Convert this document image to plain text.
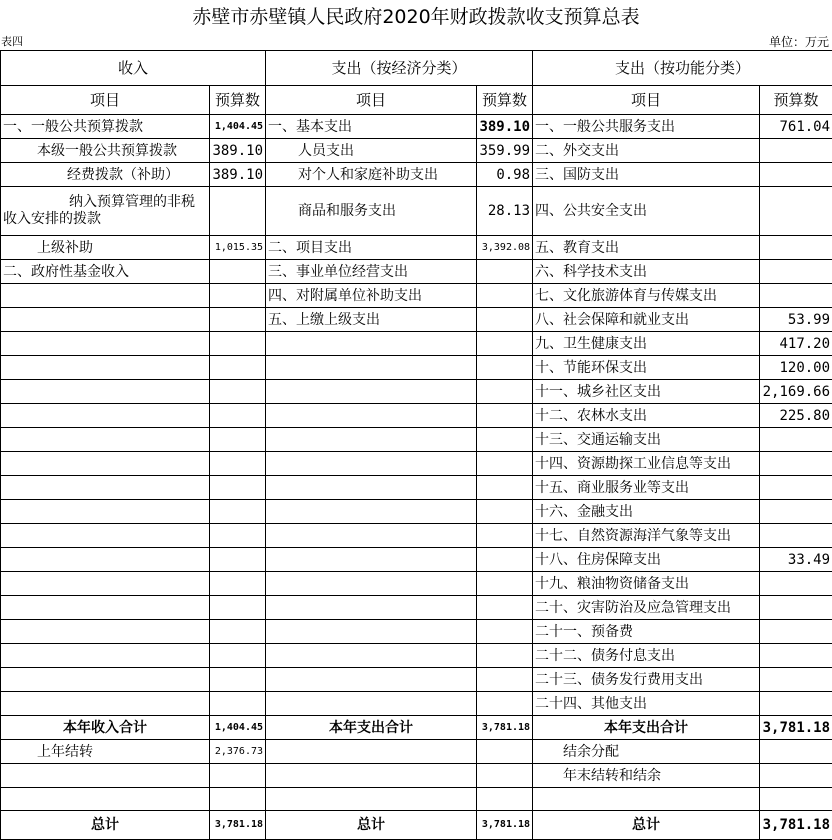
赤壁市赤壁镇人民政府2020年财政拨款收支预算总表
表四	单位：万元
收入		支出（按经济分类）		支出（按功能分类）	
项目	预算数	项目	预算数	项目	预算数
一、一般公共预算拨款	1,404.45	一、基本支出	389.10	一、一般公共服务支出	761.04
本级一般公共预算拨款	389.10	人员支出	359.99	二、外交支出	
经费拨款（补助）	389.10	对个人和家庭补助支出	0.98	三、国防支出	
纳入预算管理的非税收入安排的拨款		商品和服务支出	28.13	四、公共安全支出	
上级补助	1,015.35	二、项目支出	3,392.08	五、教育支出	
二、政府性基金收入		三、事业单位经营支出		六、科学技术支出	
		四、对附属单位补助支出		七、文化旅游体育与传媒支出	
		五、上缴上级支出		八、社会保障和就业支出	53.99
				九、卫生健康支出	417.20
				十、节能环保支出	120.00
				十一、城乡社区支出	2,169.66
				十二、农林水支出	225.80
				十三、交通运输支出	
				十四、资源勘探工业信息等支出	
				十五、商业服务业等支出	
				十六、金融支出	
				十七、自然资源海洋气象等支出	
				十八、住房保障支出	33.49
				十九、粮油物资储备支出	
				二十、灾害防治及应急管理支出	
				二十一、预备费	
				二十二、债务付息支出	
				二十三、债务发行费用支出	
				二十四、其他支出	
本年收入合计	1,404.45	本年支出合计	3,781.18	本年支出合计	3,781.18
上年结转	2,376.73			结余分配	
				年末结转和结余	

总计	3,781.18	总计	3,781.18	总计	3,781.18
